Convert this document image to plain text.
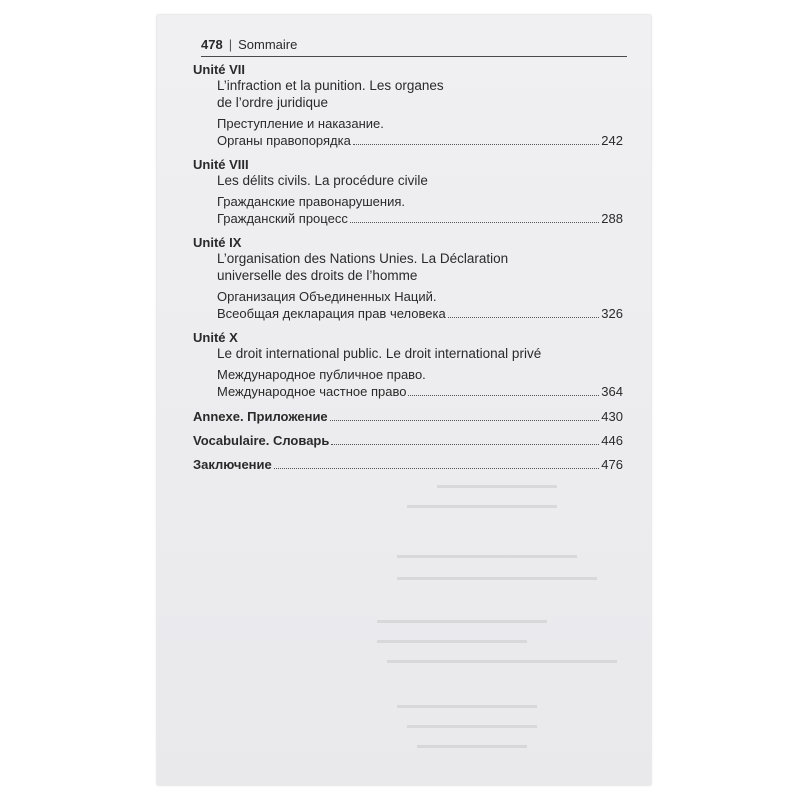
478 | Sommaire
Unité VII
L’infraction et la punition. Les organes
de l’ordre juridique
Преступление и наказание.
Органы правопорядка	242
Unité VIII
Les délits civils. La procédure civile
Гражданские правонарушения.
Гражданский процесс	288
Unité IX
L’organisation des Nations Unies. La Déclaration
universelle des droits de l’homme
Организация Объединенных Наций.
Всеобщая декларация прав человека	326
Unité X
Le droit international public. Le droit international privé
Международное публичное право.
Международное частное право	364
Annexe. Приложение	430
Vocabulaire. Словарь	446
Заключение	476
